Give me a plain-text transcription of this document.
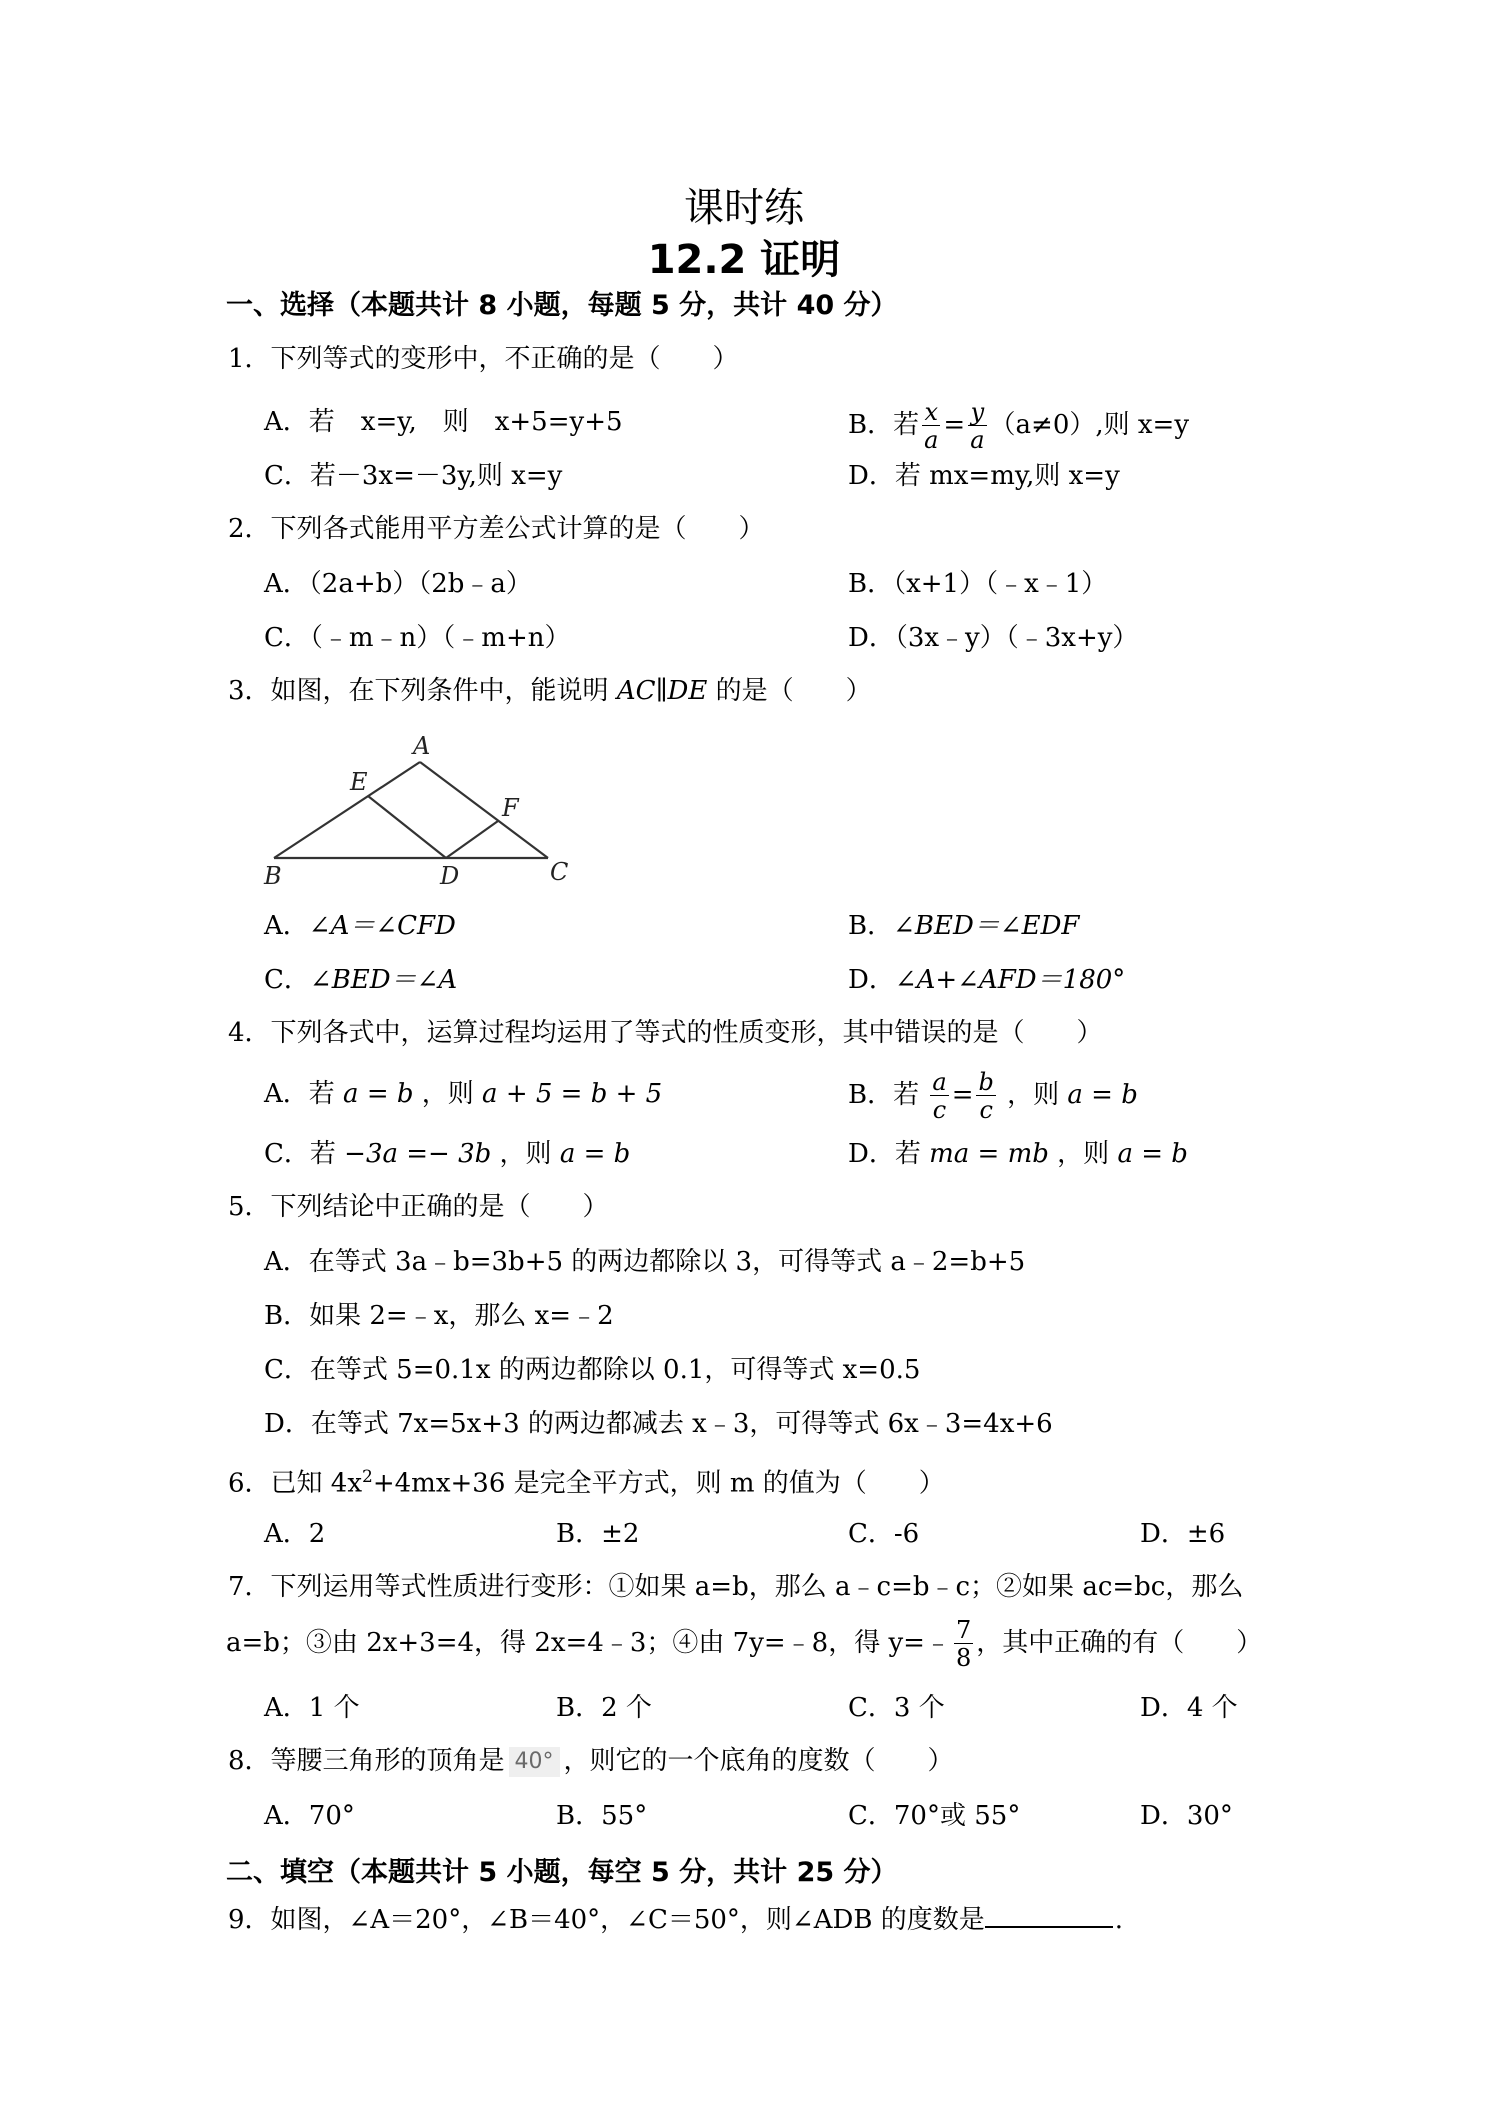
课时练
12.2 证明
一、选择（本题共计 8 小题，每题 5 分，共计 40 分）
1．下列等式的变形中，不正确的是（　　）
A．若　x=y,　则　x+5=y+5	B．若 $\frac{x}{a} = \frac{y}{a} (a\ne 0)$,则 x=y
C．若－3x=－3y,则 x=y	D．若 mx=my,则 x=y
2．下列各式能用平方差公式计算的是（　　）
A．（2a+b）（2b﹣a）	B．（x+1）（﹣x﹣1）
C．（﹣m﹣n）（﹣m+n）	D．（3x﹣y）（﹣3x+y）
3．如图，在下列条件中，能说明 AC∥DE 的是（　　）
A
E
F
B	D	C
A．∠A＝∠CFD	B．∠BED＝∠EDF
C．∠BED＝∠A	D．∠A+∠AFD＝180°
4．下列各式中，运算过程均运用了等式的性质变形，其中错误的是（　　）
A．若 a = b ，则 a + 5 = b + 5	B．若 $\frac{a}{c} = \frac{b}{c}$ ，则 a = b
C．若 −3a =− 3b ，则 a = b	D．若 ma = mb ，则 a = b
5．下列结论中正确的是（　　）
A．在等式 3a﹣b=3b+5 的两边都除以 3，可得等式 a﹣2=b+5
B．如果 2=﹣x，那么 x=﹣2
C．在等式 5=0.1x 的两边都除以 0.1，可得等式 x=0.5
D．在等式 7x=5x+3 的两边都减去 x﹣3，可得等式 6x﹣3=4x+6
6．已知 $4x^2+4mx+36$ 是完全平方式，则 m 的值为（　　）
A．2	B．±2	C．-6	D．±6
7．下列运用等式性质进行变形：①如果 a=b，那么 a﹣c=b﹣c；②如果 ac=bc，那么
a=b；③由 2x+3=4，得 2x=4﹣3；④由 7y=﹣8，得 y=﹣ $\frac{7}{8}$ ，其中正确的有（　　）
A．1 个	B．2 个	C．3 个	D．4 个
8．等腰三角形的顶角是 40° ，则它的一个底角的度数（　　）
A．70°	B．55°	C．70°或 55°	D．30°
二、填空（本题共计 5 小题，每空 5 分，共计 25 分）
9．如图，∠A＝20°，∠B＝40°，∠C＝50°，则∠ADB 的度数是	.
